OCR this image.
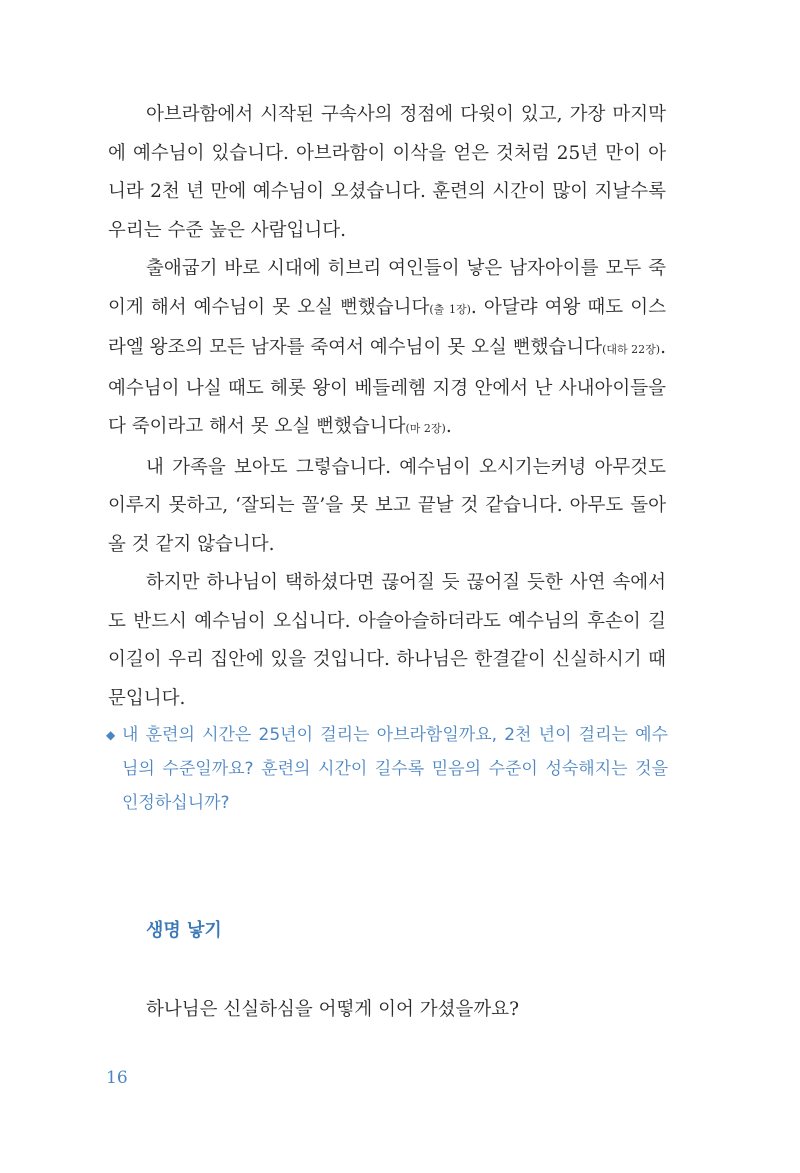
아브라함에서 시작된 구속사의 정점에 다윗이 있고, 가장 마지막에 예수님이 있습니다. 아브라함이 이삭을 얻은 것처럼 25년 만이 아니라 2천 년 만에 예수님이 오셨습니다. 훈련의 시간이 많이 지날수록 우리는 수준 높은 사람입니다.

출애굽기 바로 시대에 히브리 여인들이 낳은 남자아이를 모두 죽이게 해서 예수님이 못 오실 뻔했습니다(출 1장). 아달랴 여왕 때도 이스라엘 왕조의 모든 남자를 죽여서 예수님이 못 오실 뻔했습니다(대하 22장). 예수님이 나실 때도 헤롯 왕이 베들레헴 지경 안에서 난 사내아이들을 다 죽이라고 해서 못 오실 뻔했습니다(마 2장).

내 가족을 보아도 그렇습니다. 예수님이 오시기는커녕 아무것도 이루지 못하고, ‘잘되는 꼴’을 못 보고 끝날 것 같습니다. 아무도 돌아올 것 같지 않습니다.

하지만 하나님이 택하셨다면 끊어질 듯 끊어질 듯한 사연 속에서도 반드시 예수님이 오십니다. 아슬아슬하더라도 예수님의 후손이 길이길이 우리 집안에 있을 것입니다. 하나님은 한결같이 신실하시기 때문입니다.

◆ 내 훈련의 시간은 25년이 걸리는 아브라함일까요, 2천 년이 걸리는 예수님의 수준일까요? 훈련의 시간이 길수록 믿음의 수준이 성숙해지는 것을 인정하십니까?
생명 낳기
하나님은 신실하심을 어떻게 이어 가셨을까요?
16
